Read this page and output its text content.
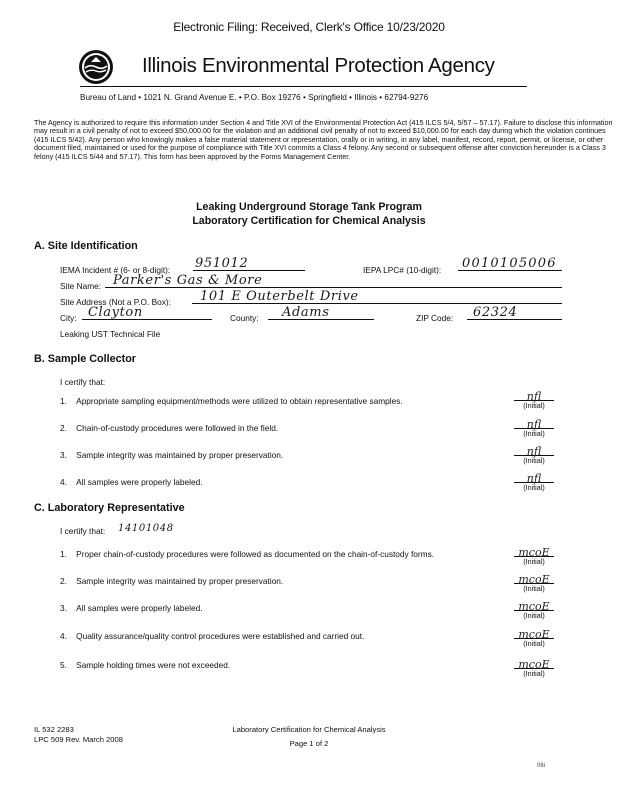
Electronic Filing: Received, Clerk's Office 10/23/2020
Illinois Environmental Protection Agency
Bureau of Land • 1021 N. Grand Avenue E. • P.O. Box 19276 • Springfield • Illinois • 62794-9276
The Agency is authorized to require this information under Section 4 and Title XVI of the Environmental Protection Act (415 ILCS 5/4, 5/57 – 57.17). Failure to disclose this information may result in a civil penalty of not to exceed $50,000.00 for the violation and an additional civil penalty of not to exceed $10,000.00 for each day during which the violation continues (415 ILCS 5/42). Any person who knowingly makes a false material statement or representation, orally or in writing, in any label, manifest, record, report, permit, or license, or other document filed, maintained or used for the purpose of compliance with Title XVI commits a Class 4 felony. Any second or subsequent offense after conviction hereunder is a Class 3 felony (415 ILCS 5/44 and 57.17). This form has been approved by the Forms Management Center.
Leaking Underground Storage Tank Program
Laboratory Certification for Chemical Analysis
A. Site Identification
IEMA Incident # (6- or 8-digit): 951012	IEPA LPC# (10-digit): 0010105006
Site Name: Parker's Gas & More
Site Address (Not a P.O. Box): 101 E Outerbelt Drive
City: Clayton	County: Adams	ZIP Code: 62324
Leaking UST Technical File
B. Sample Collector
I certify that:
1. Appropriate sampling equipment/methods were utilized to obtain representative samples.	nfl
(Initial)
2. Chain-of-custody procedures were followed in the field.	nfl
(Initial)
3. Sample integrity was maintained by proper preservation.	nfl
(Initial)
4. All samples were properly labeled.	nfl
(Initial)
C. Laboratory Representative
I certify that: 14101048
1. Proper chain-of-custody procedures were followed as documented on the chain-of-custody forms.	mcoE
(Initial)
2. Sample integrity was maintained by proper preservation.	mcoE
(Initial)
3. All samples were properly labeled.	mcoE
(Initial)
4. Quality assurance/quality control procedures were established and carried out.	mcoE
(Initial)
5. Sample holding times were not exceeded.	mcoE
(Initial)
IL 532 2283
LPC 509 Rev. March 2008
Laboratory Certification for Chemical Analysis
Page 1 of 2
06i
